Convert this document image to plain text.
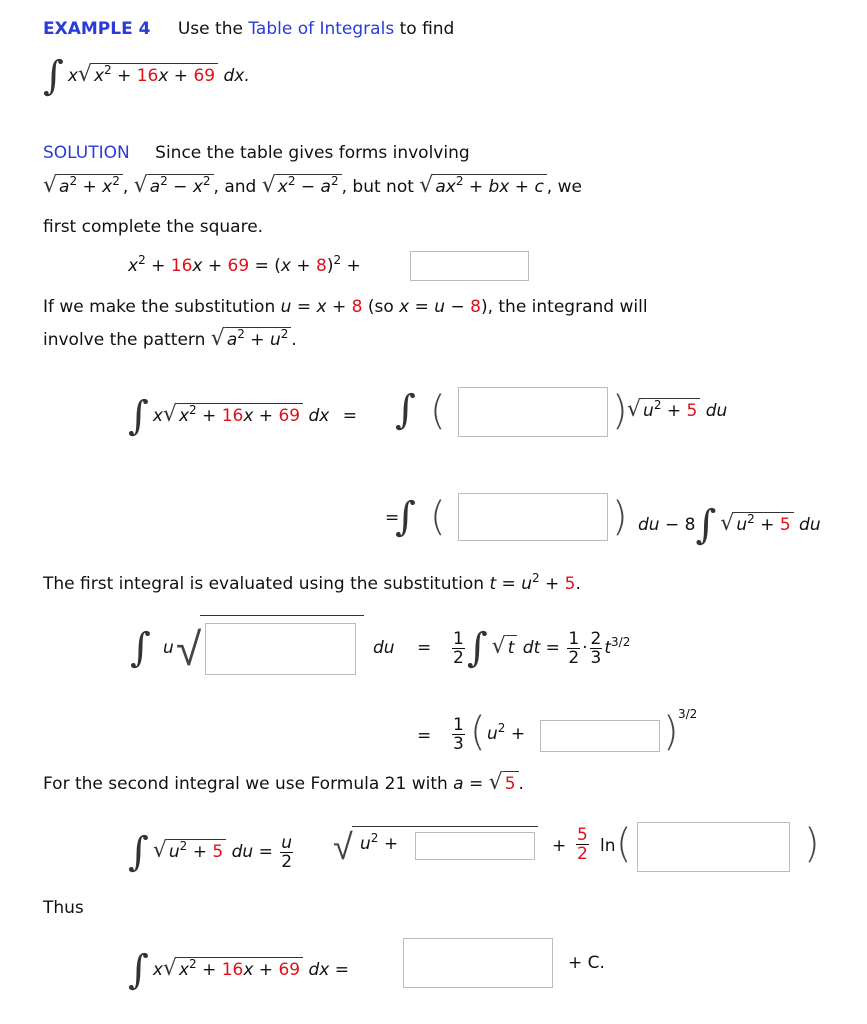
EXAMPLE 4 Use the Table of Integrals to find
∫ x √ $x^2 + 16x + 69$ dx.
SOLUTION Since the table gives forms involving
√ $a^2 + x^2$ , √ $a^2 - x^2$ , and √ $x^2 - a^2$ , but not √ $ax^2$ + bx + c , we
first complete the square.
$x^2 + 16x + 69 = (x + 8)^2$ +
If we make the substitution u = x + 8 (so x = u − 8), the integrand will
involve the pattern √ $a^2 + u^2$ .
∫ x √ $x^2 + 16x + 69$ dx = ∫ (	) √ $u^2 + 5$ du
=
∫ (	) du − 8∫ √ $u^2 + 5$ du
The first integral is evaluated using the substitution $t = u^2 + 5$.
∫ u √	du = $\frac{1}{2}$ ∫ √ t dt = $\frac{1}{2} \cdot \frac{2}{3} t^{3/2}$
= $\frac{1}{3}$ ( $u^2$ +	) 3/2
For the second integral we use Formula 21 with a = √ 5 .
∫ √ $u^2 + 5$ du = $\frac{u}{2}$ √ $u^2$ +	+ $\frac{5}{2}$ ln (	)
Thus
∫ x √ $x^2 + 16x + 69$ dx =	+ C.
